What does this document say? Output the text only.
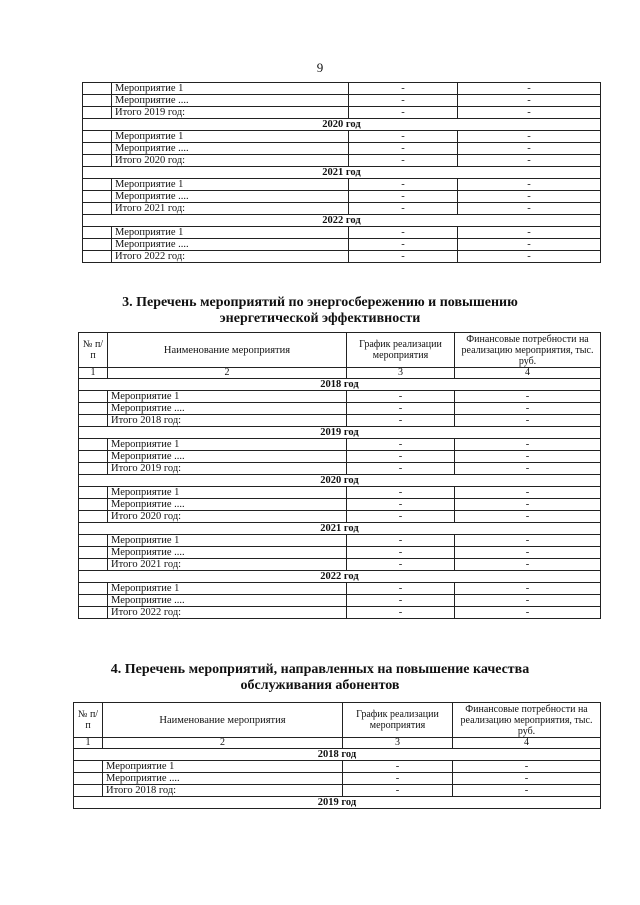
9
	Мероприятие 1	-	-
	Мероприятие ....	-	-
	Итого 2019 год:	-	-
2020 год			
	Мероприятие 1	-	-
	Мероприятие ....	-	-
	Итого 2020 год:	-	-
2021 год			
	Мероприятие 1	-	-
	Мероприятие ....	-	-
	Итого 2021 год:	-	-
2022 год			
	Мероприятие 1	-	-
	Мероприятие ....	-	-
	Итого 2022 год:	-	-
3. Перечень мероприятий по энергосбережению и повышению
энергетической эффективности
№ п/п	Наименование мероприятия	График реализации мероприятия	Финансовые потребности на реализацию мероприятия, тыс. руб.
1	2	3	4
2018 год			
	Мероприятие 1	-	-
	Мероприятие ....	-	-
	Итого 2018 год:	-	-
2019 год			
	Мероприятие 1	-	-
	Мероприятие ....	-	-
	Итого 2019 год:	-	-
2020 год			
	Мероприятие 1	-	-
	Мероприятие ....	-	-
	Итого 2020 год:	-	-
2021 год			
	Мероприятие 1	-	-
	Мероприятие ....	-	-
	Итого 2021 год:	-	-
2022 год			
	Мероприятие 1	-	-
	Мероприятие ....	-	-
	Итого 2022 год:	-	-
4. Перечень мероприятий, направленных на повышение качества
обслуживания абонентов
№ п/п	Наименование мероприятия	График реализации мероприятия	Финансовые потребности на реализацию мероприятия, тыс. руб.
1	2	3	4
2018 год			
	Мероприятие 1	-	-
	Мероприятие ....	-	-
	Итого 2018 год:	-	-
2019 год			
